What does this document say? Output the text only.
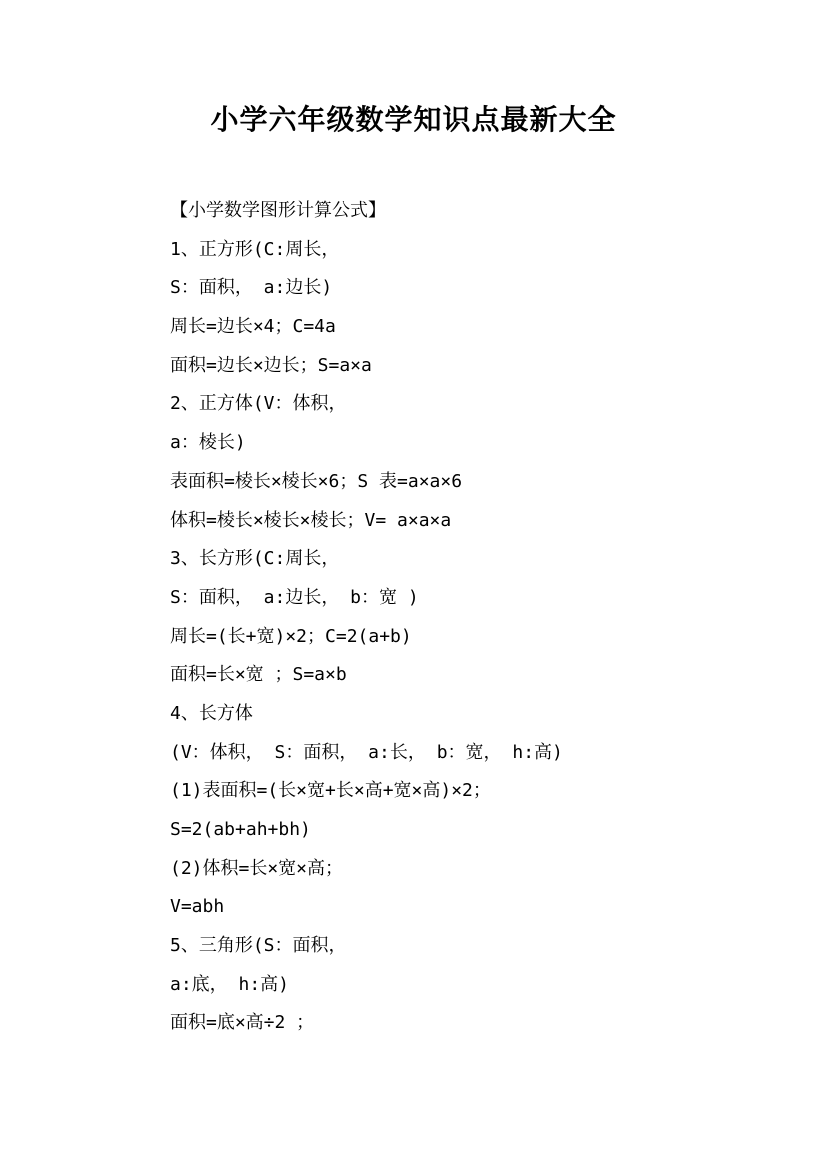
小学六年级数学知识点最新大全
【小学数学图形计算公式】
1、正方形(C:周长，
S：面积， a:边长)
周长=边长×4；C=4a
面积=边长×边长；S=a×a
2、正方体(V：体积，
a：棱长)
表面积=棱长×棱长×6；S 表=a×a×6
体积=棱长×棱长×棱长；V= a×a×a
3、长方形(C:周长，
S：面积， a:边长， b：宽 )
周长=(长+宽)×2；C=2(a+b)
面积=长×宽 ；S=a×b
4、长方体
(V：体积， S：面积， a:长， b：宽， h:高)
(1)表面积=(长×宽+长×高+宽×高)×2；
S=2(ab+ah+bh)
(2)体积=长×宽×高；
V=abh
5、三角形(S：面积，
a:底， h:高)
面积=底×高÷2 ；
